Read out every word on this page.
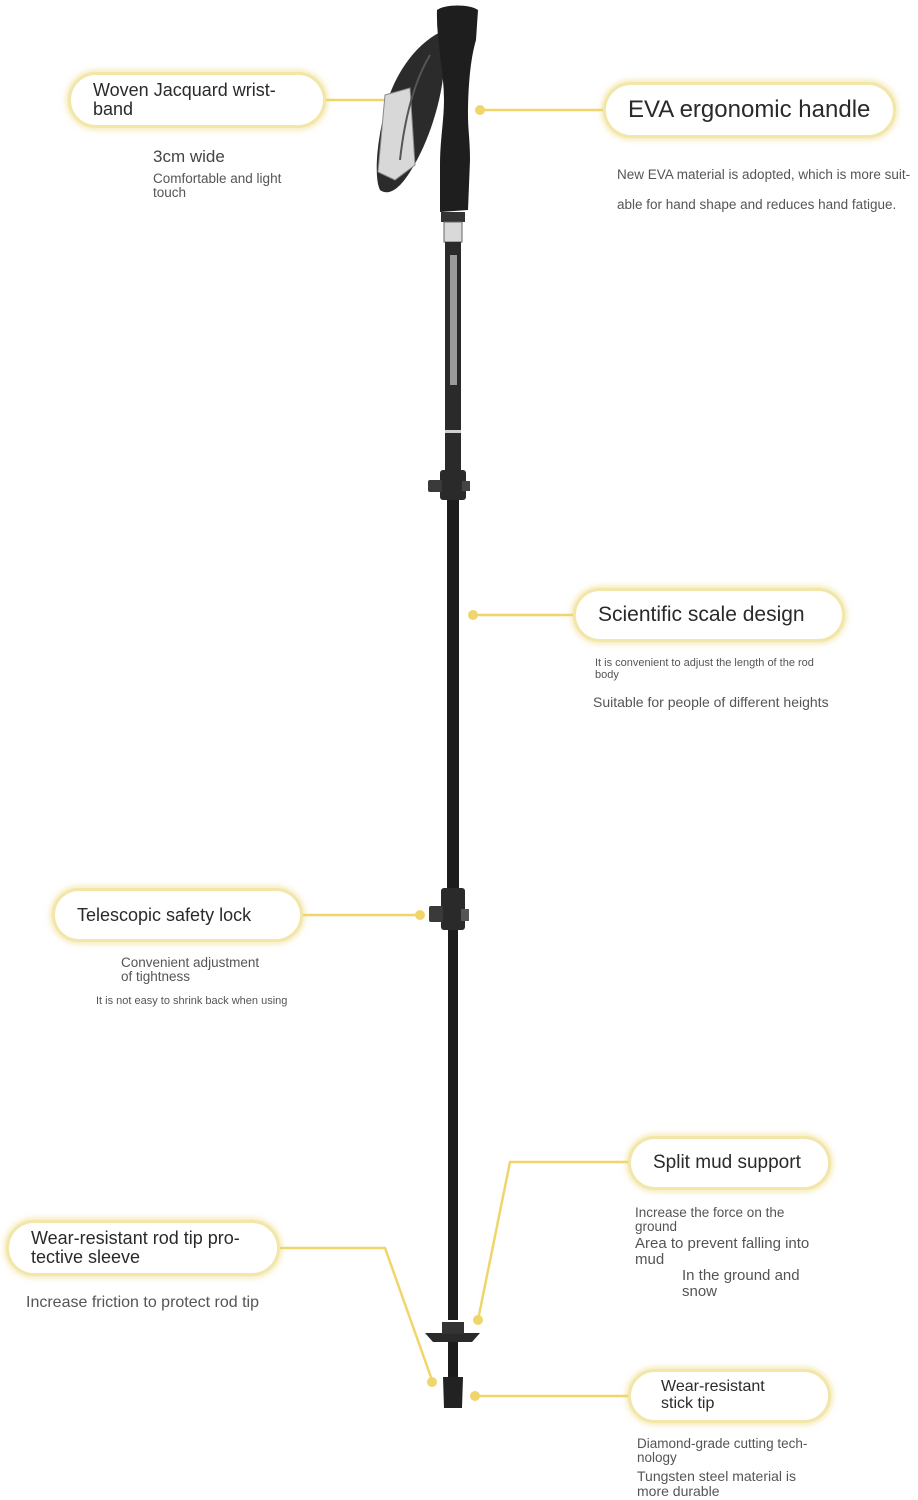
Woven Jacquard wrist-
band
3cm wide
Comfortable and light
touch
EVA ergonomic handle
New EVA material is adopted, which is more suit-
able for hand shape and reduces hand fatigue.
Scientific scale design
It is convenient to adjust the length of the rod
body
Suitable for people of different heights
Telescopic safety lock
Convenient adjustment
of tightness
It is not easy to shrink back when using
Split mud support
Increase the force on the
ground
Area to prevent falling into
mud
In the ground and
snow
Wear-resistant rod tip pro-
tective sleeve
Increase friction to protect rod tip
Wear-resistant
stick tip
Diamond-grade cutting tech-
nology
Tungsten steel material is
more durable
